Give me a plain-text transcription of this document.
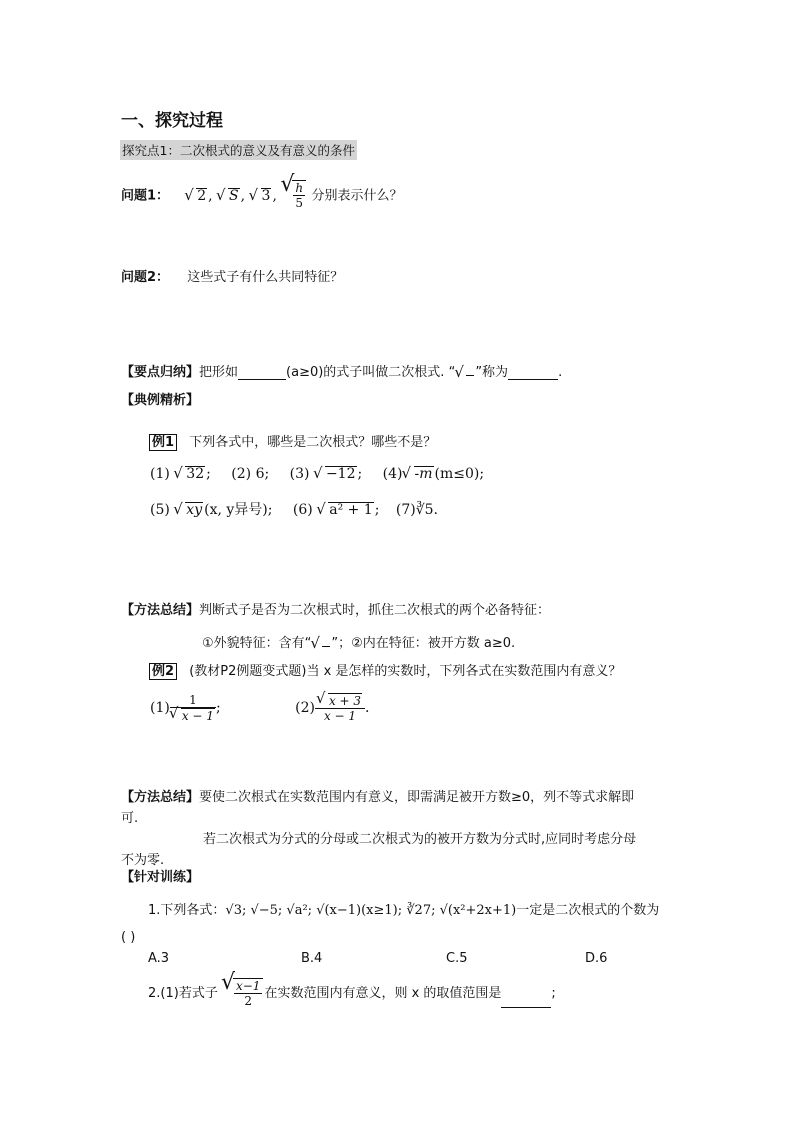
一、探究过程
探究点1：二次根式的意义及有意义的条件
问题1： √ 2 , √ S , √ 3 , √ $\frac{h}{5}$ 分别表示什么？
问题2： 这些式子有什么共同特征？
【要点归纳】把形如	(a≥0)的式子叫做二次根式. “ √ ”称为	.
【典例精析】
例1 下列各式中，哪些是二次根式？哪些不是？
(1) √ 32 ; (2) 6; (3) √ −12 ; (4) √ -m (m≤0);
(5) √ xy (x, y异号); (6) √ a² + 1 ; (7)∛5.
【方法总结】判断式子是否为二次根式时，抓住二次根式的两个必备特征：
①外貌特征：含有“ √ ”；②内在特征：被开方数 a≥0.
例2 (教材P2例题变式题)当 x 是怎样的实数时，下列各式在实数范围内有意义？
(1) 1
√ x − 1 ;	(2) √ $\frac{x + 3}{x - 1}$ .
【方法总结】要使二次根式在实数范围内有意义，即需满足被开方数≥0，列不等式求解即
可.
若二次根式为分式的分母或二次根式为的被开方数为分式时,应同时考虑分母
不为零.
【针对训练】
1.下列各式：√3; √−5; √a²; √(x−1)(x≥1); ∛27; √(x²+2x+1)一定是二次根式的个数为
( )
A.3	B.4	C.5	D.6
2.(1)若式子 √ $\frac{x-1}{2}$ 在实数范围内有意义，则 x 的取值范围是	;
